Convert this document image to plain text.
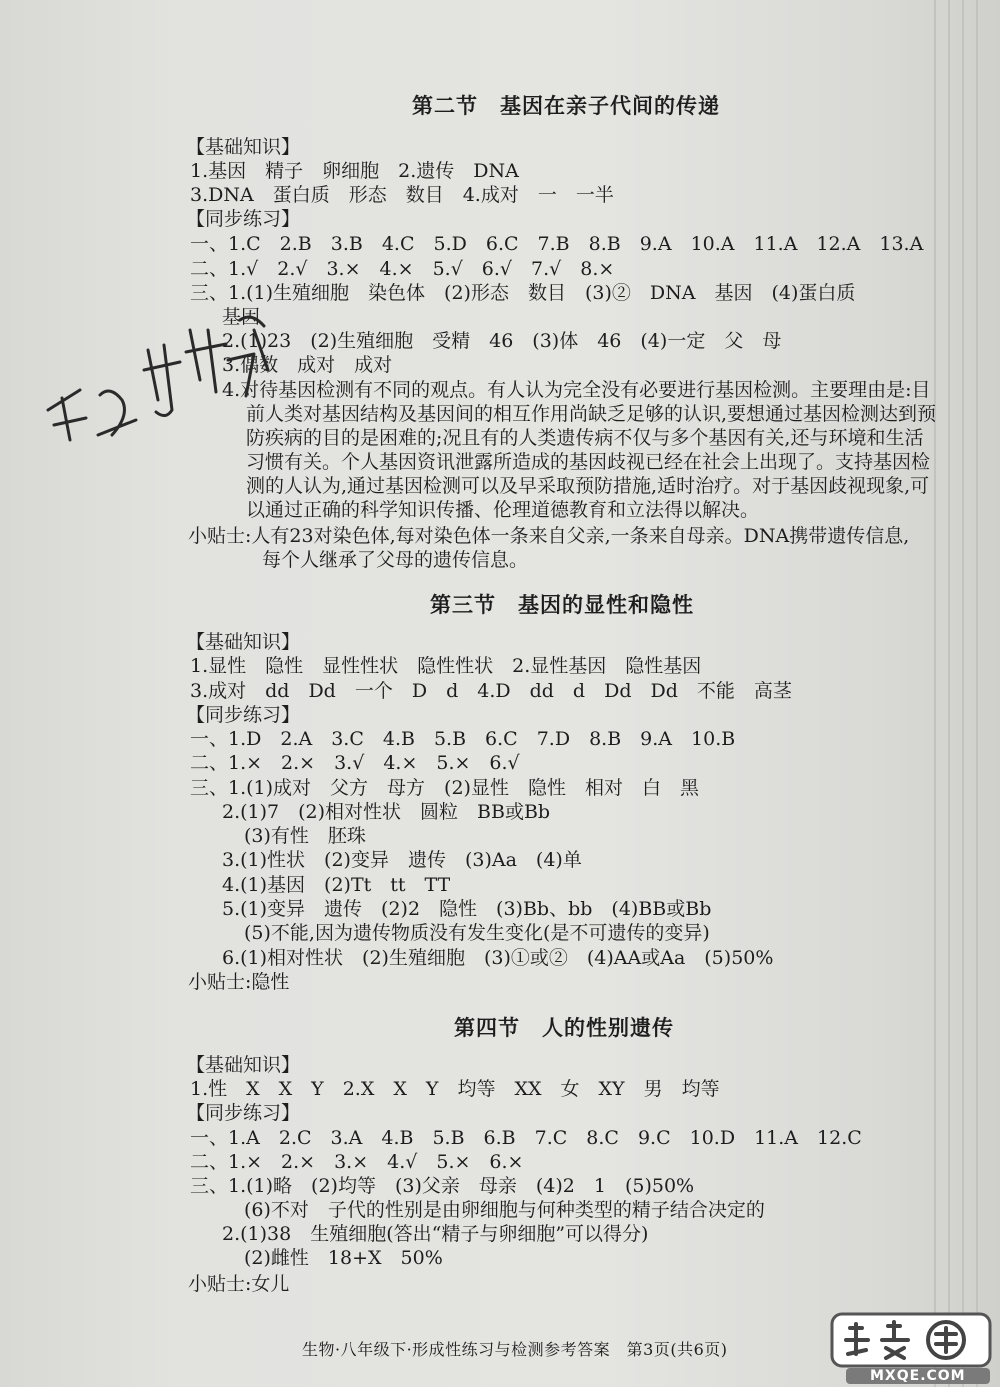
第二节　基因在亲子代间的传递
【基础知识】
1.基因　精子　卵细胞　2.遗传　DNA
3.DNA　蛋白质　形态　数目　4.成对　一　一半
【同步练习】
一、1.C　2.B　3.B　4.C　5.D　6.C　7.B　8.B　9.A　10.A　11.A　12.A　13.A
二、1.√　2.√　3.×　4.×　5.√　6.√　7.√　8.×
三、1.(1)生殖细胞　染色体　(2)形态　数目　(3)②　DNA　基因　(4)蛋白质
基因
2.(1)23　(2)生殖细胞　受精　46　(3)体　46　(4)一定　父　母
3.偶数　成对　成对
4.对待基因检测有不同的观点。有人认为完全没有必要进行基因检测。主要理由是:目
前人类对基因结构及基因间的相互作用尚缺乏足够的认识,要想通过基因检测达到预
防疾病的目的是困难的;况且有的人类遗传病不仅与多个基因有关,还与环境和生活
习惯有关。个人基因资讯泄露所造成的基因歧视已经在社会上出现了。支持基因检
测的人认为,通过基因检测可以及早采取预防措施,适时治疗。对于基因歧视现象,可
以通过正确的科学知识传播、伦理道德教育和立法得以解决。
小贴士:人有23对染色体,每对染色体一条来自父亲,一条来自母亲。DNA携带遗传信息,
每个人继承了父母的遗传信息。
第三节　基因的显性和隐性
【基础知识】
1.显性　隐性　显性性状　隐性性状　2.显性基因　隐性基因
3.成对　dd　Dd　一个　D　d　4.D　dd　d　Dd　Dd　不能　高茎
【同步练习】
一、1.D　2.A　3.C　4.B　5.B　6.C　7.D　8.B　9.A　10.B
二、1.×　2.×　3.√　4.×　5.×　6.√
三、1.(1)成对　父方　母方　(2)显性　隐性　相对　白　黑
2.(1)7　(2)相对性状　圆粒　BB或Bb
(3)有性　胚珠
3.(1)性状　(2)变异　遗传　(3)Aa　(4)单
4.(1)基因　(2)Tt　tt　TT
5.(1)变异　遗传　(2)2　隐性　(3)Bb、bb　(4)BB或Bb
(5)不能,因为遗传物质没有发生变化(是不可遗传的变异)
6.(1)相对性状　(2)生殖细胞　(3)①或②　(4)AA或Aa　(5)50%
小贴士:隐性
第四节　人的性别遗传
【基础知识】
1.性　X　X　Y　2.X　X　Y　均等　XX　女　XY　男　均等
【同步练习】
一、1.A　2.C　3.A　4.B　5.B　6.B　7.C　8.C　9.C　10.D　11.A　12.C
二、1.×　2.×　3.×　4.√　5.×　6.×
三、1.(1)略　(2)均等　(3)父亲　母亲　(4)2　1　(5)50%
(6)不对　子代的性别是由卵细胞与何种类型的精子结合决定的
2.(1)38　生殖细胞(答出“精子与卵细胞”可以得分)
(2)雌性　18+X　50%
小贴士:女儿
生物·八年级下·形成性练习与检测参考答案　第3页(共6页)
MXQE.COM
